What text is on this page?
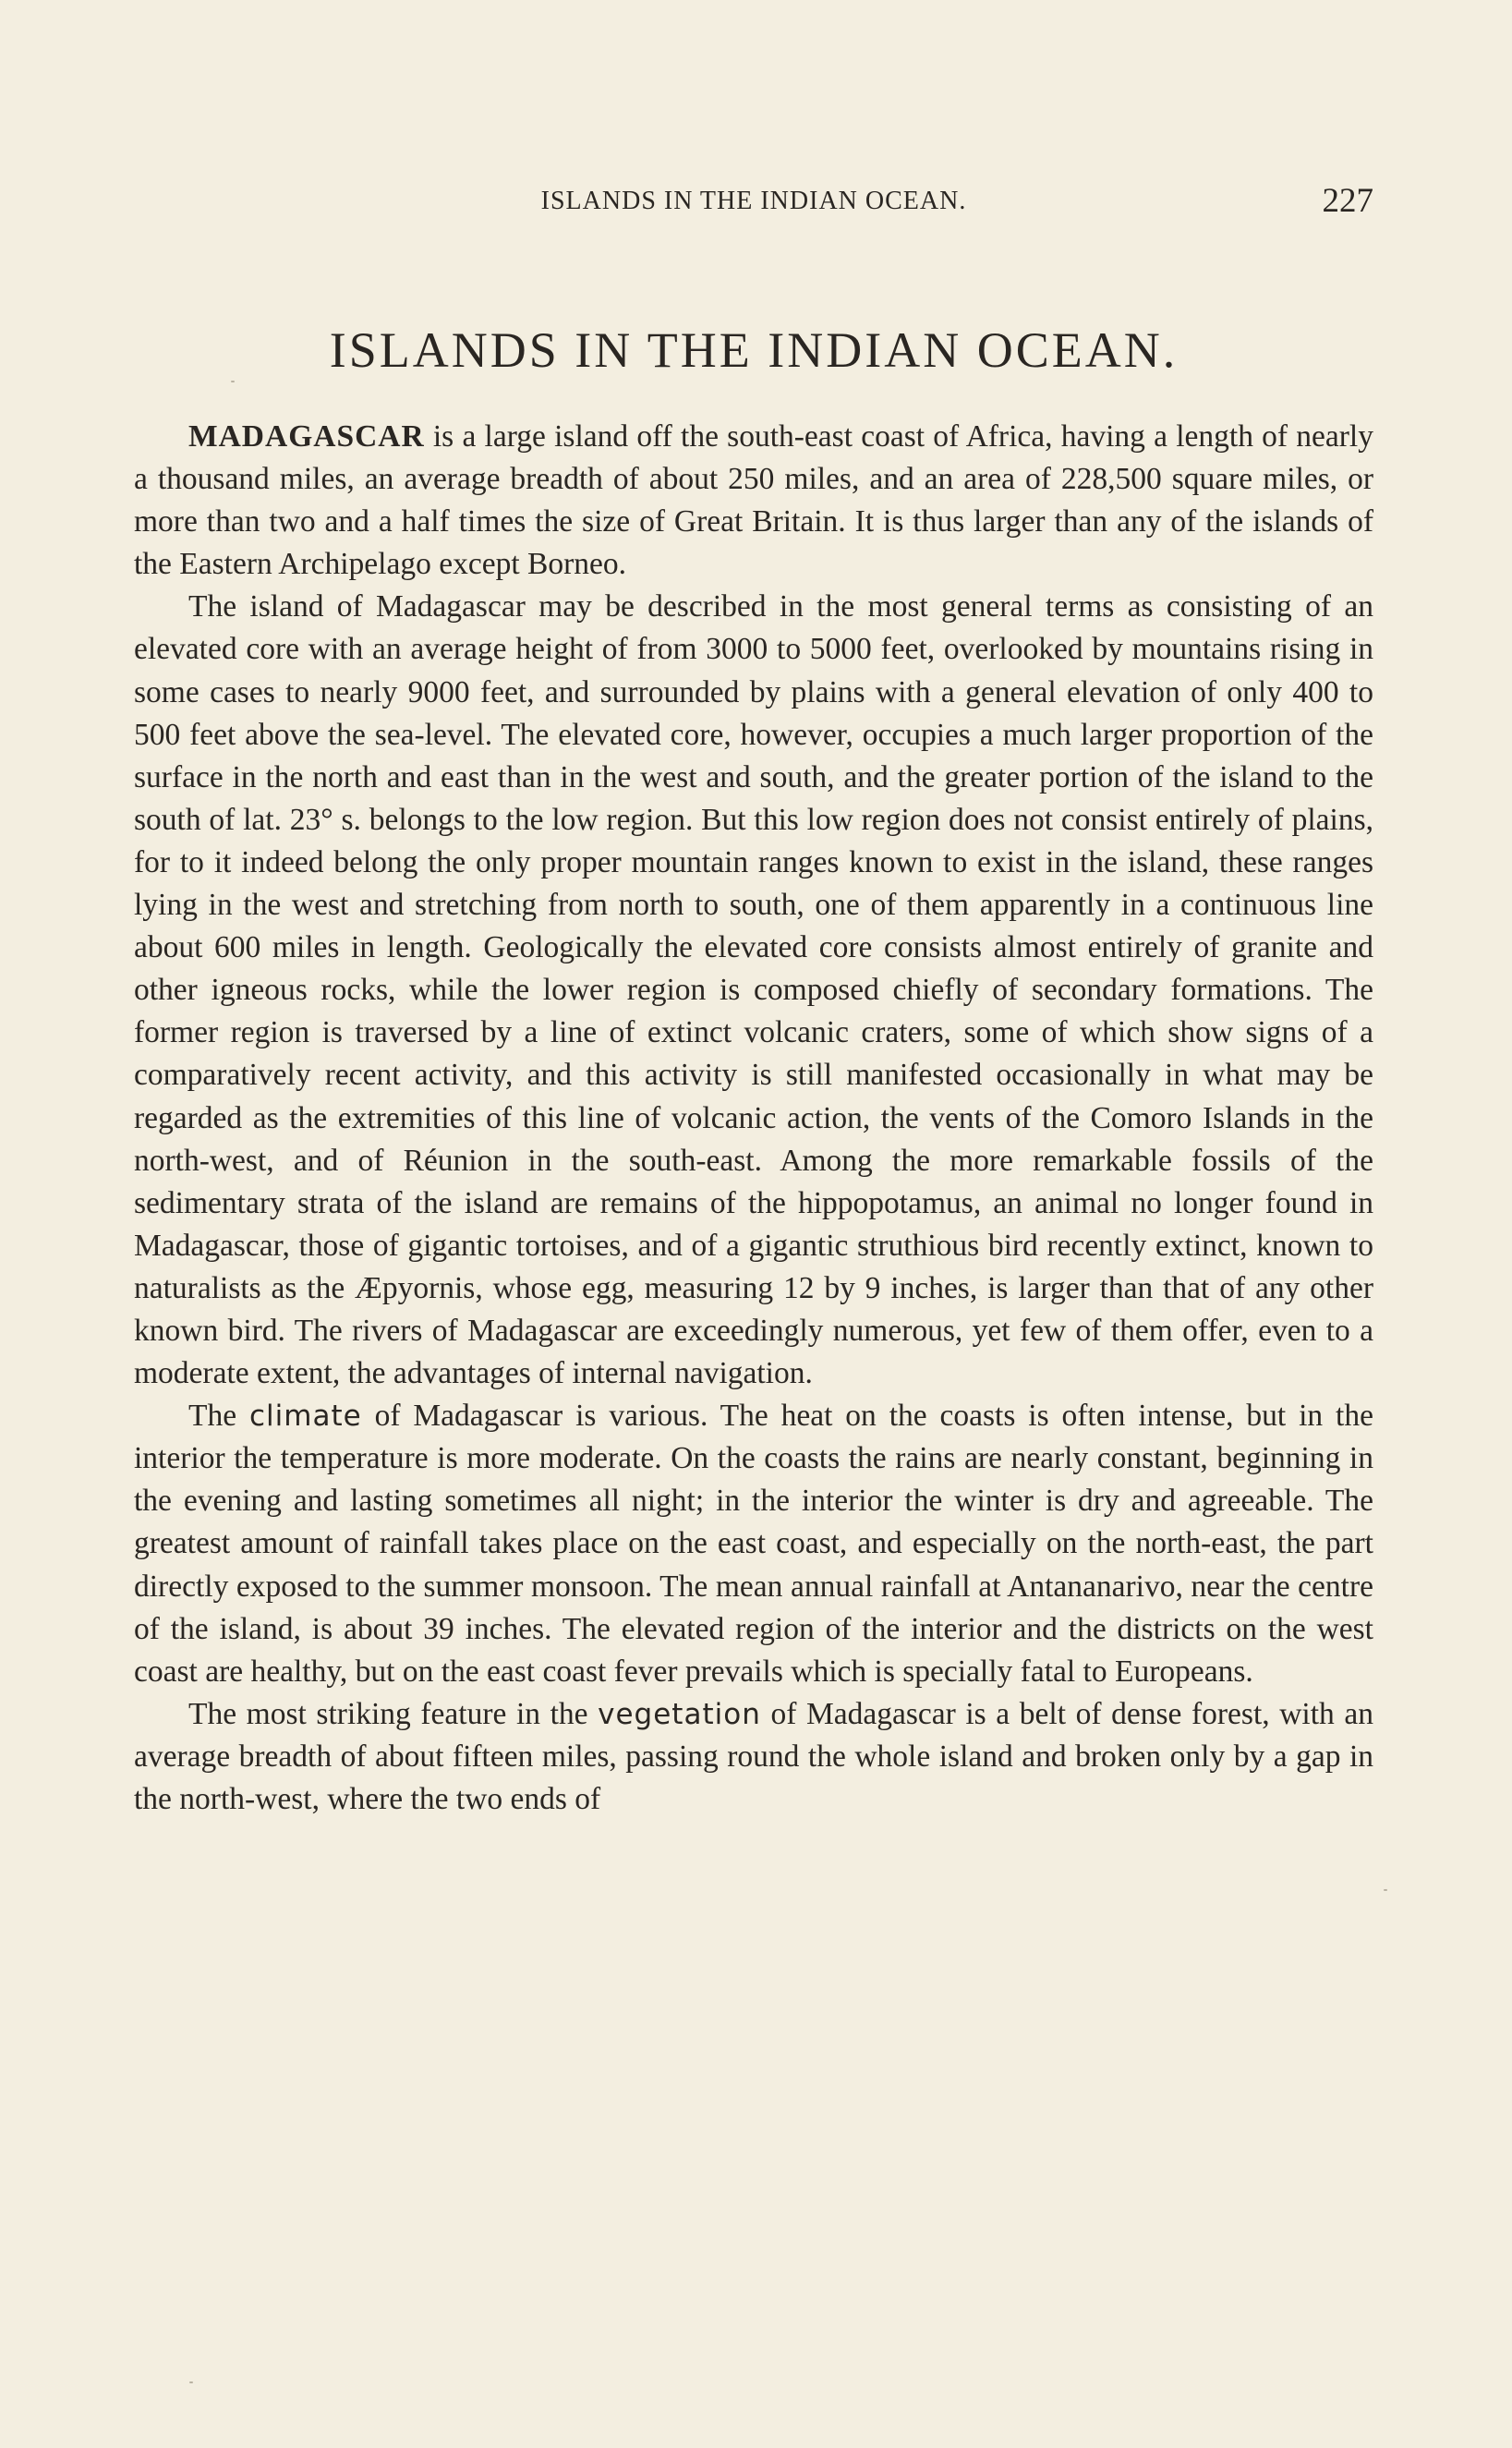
ISLANDS IN THE INDIAN OCEAN.	227
ISLANDS IN THE INDIAN OCEAN.

MADAGASCAR is a large island off the south-east coast of Africa, having a length of nearly a thousand miles, an average breadth of about 250 miles, and an area of 228,500 square miles, or more than two and a half times the size of Great Britain. It is thus larger than any of the islands of the Eastern Archipelago except Borneo.

The island of Madagascar may be described in the most general terms as consisting of an elevated core with an average height of from 3000 to 5000 feet, overlooked by mountains rising in some cases to nearly 9000 feet, and surrounded by plains with a general elevation of only 400 to 500 feet above the sea-level. The elevated core, however, occupies a much larger proportion of the surface in the north and east than in the west and south, and the greater portion of the island to the south of lat. 23° s. belongs to the low region. But this low region does not consist entirely of plains, for to it indeed belong the only proper mountain ranges known to exist in the island, these ranges lying in the west and stretching from north to south, one of them apparently in a continuous line about 600 miles in length. Geologically the elevated core consists almost entirely of granite and other igneous rocks, while the lower region is composed chiefly of secondary formations. The former region is traversed by a line of extinct volcanic craters, some of which show signs of a comparatively recent activity, and this activity is still manifested occasionally in what may be regarded as the extremities of this line of volcanic action, the vents of the Comoro Islands in the north-west, and of Réunion in the south-east. Among the more remarkable fossils of the sedimentary strata of the island are remains of the hippopotamus, an animal no longer found in Madagascar, those of gigantic tortoises, and of a gigantic struthious bird recently extinct, known to naturalists as the Æpyornis, whose egg, measuring 12 by 9 inches, is larger than that of any other known bird. The rivers of Madagascar are exceedingly numerous, yet few of them offer, even to a moderate extent, the advantages of internal navigation.

The climate of Madagascar is various. The heat on the coasts is often intense, but in the interior the temperature is more moderate. On the coasts the rains are nearly constant, beginning in the evening and lasting sometimes all night; in the interior the winter is dry and agreeable. The greatest amount of rainfall takes place on the east coast, and especially on the north-east, the part directly exposed to the summer monsoon. The mean annual rainfall at Antananarivo, near the centre of the island, is about 39 inches. The elevated region of the interior and the districts on the west coast are healthy, but on the east coast fever prevails which is specially fatal to Europeans.

The most striking feature in the vegetation of Madagascar is a belt of dense forest, with an average breadth of about fifteen miles, passing round the whole island and broken only by a gap in the north-west, where the two ends of
